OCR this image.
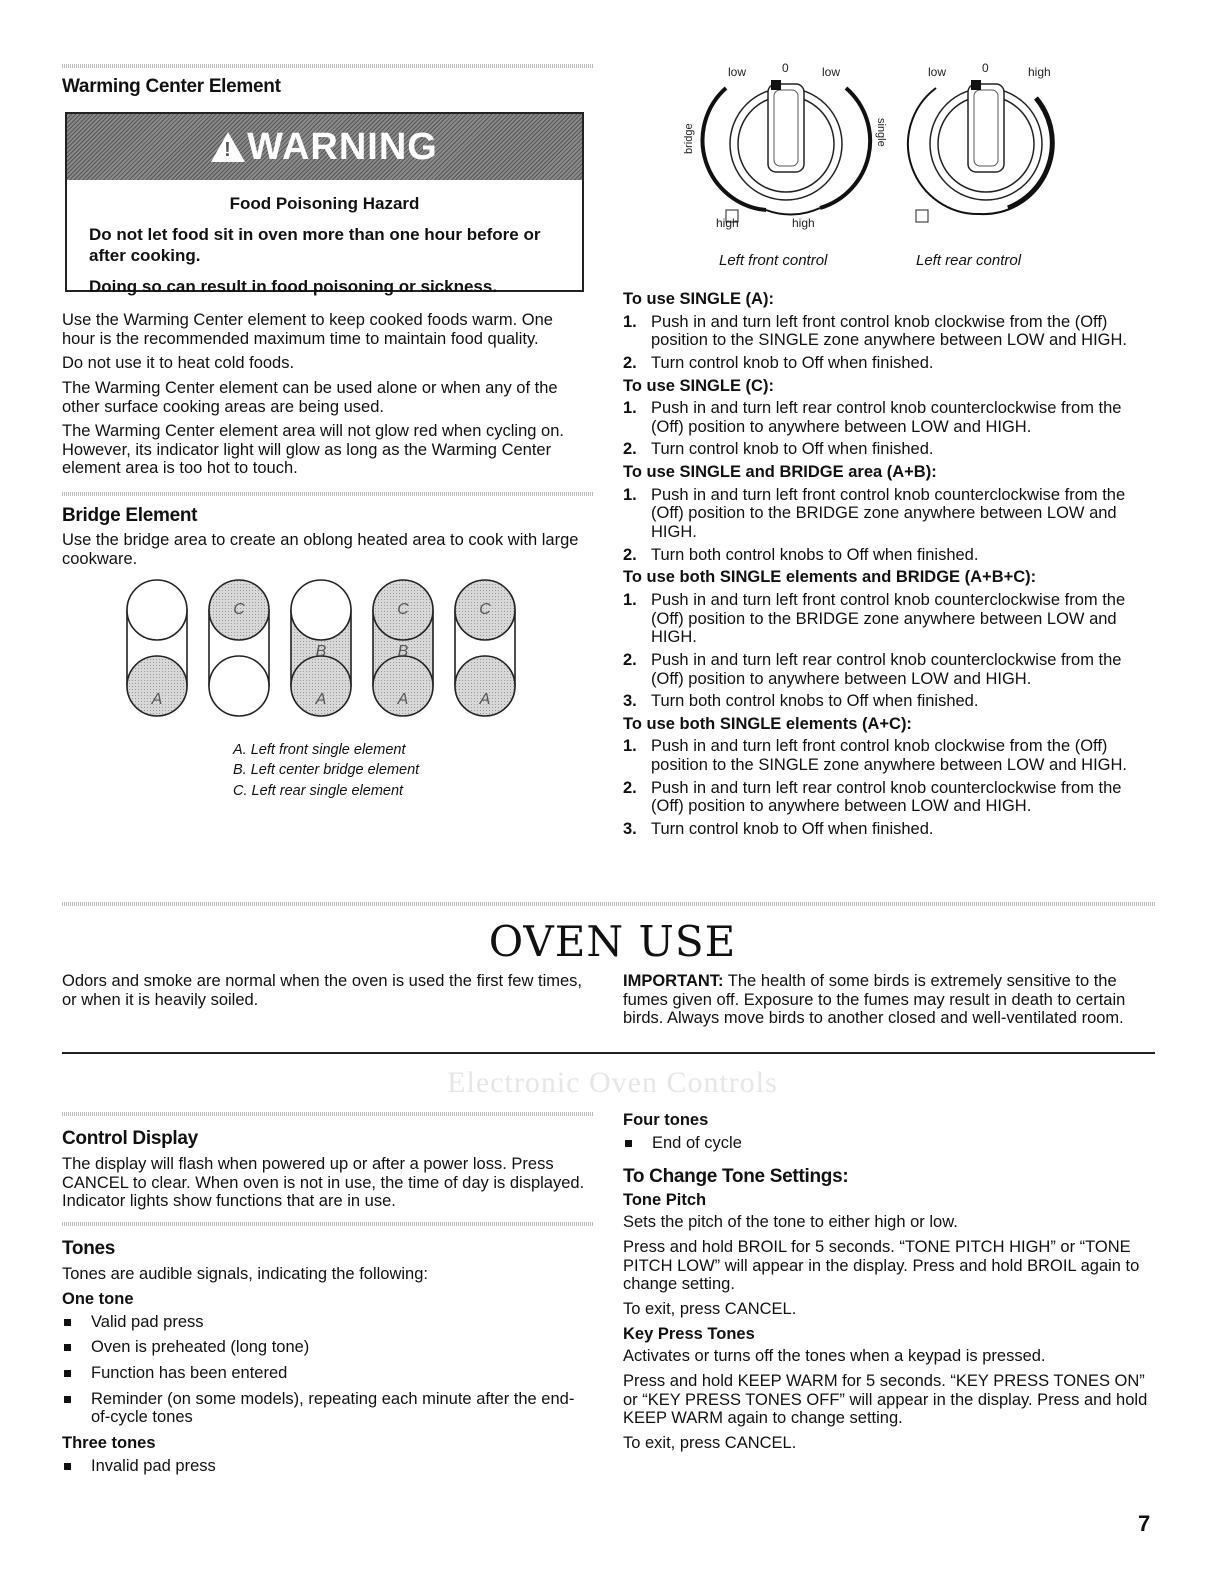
Warming Center Element
!
WARNING

Food Poisoning Hazard

Do not let food sit in oven more than one hour before or after cooking.

Doing so can result in food poisoning or sickness.

Use the Warming Center element to keep cooked foods warm. One hour is the recommended maximum time to maintain food quality.

Do not use it to heat cold foods.

The Warming Center element can be used alone or when any of the other surface cooking areas are being used.

The Warming Center element area will not glow red when cycling on. However, its indicator light will glow as long as the Warming Center element area is too hot to touch.

Bridge Element

Use the bridge area to create an oblong heated area to cook with large cookware.

A
C
B
A
C
B
A
C
A
A. Left front single element
B. Left center bridge element
C. Left rear single element
low	0	low
bridge	single
high	high
low	0	high
Left front control	Left rear control
To use SINGLE (A):
1. Push in and turn left front control knob clockwise from the (Off) position to the SINGLE zone anywhere between LOW and HIGH.
2. Turn control knob to Off when finished.
To use SINGLE (C):
1. Push in and turn left rear control knob counterclockwise from the (Off) position to anywhere between LOW and HIGH.
2. Turn control knob to Off when finished.
To use SINGLE and BRIDGE area (A+B):
1. Push in and turn left front control knob counterclockwise from the (Off) position to the BRIDGE zone anywhere between LOW and HIGH.
2. Turn both control knobs to Off when finished.
To use both SINGLE elements and BRIDGE (A+B+C):
1. Push in and turn left front control knob counterclockwise from the (Off) position to the BRIDGE zone anywhere between LOW and HIGH.
2. Push in and turn left rear control knob counterclockwise from the (Off) position to anywhere between LOW and HIGH.
3. Turn both control knobs to Off when finished.
To use both SINGLE elements (A+C):
1. Push in and turn left front control knob clockwise from the (Off) position to the SINGLE zone anywhere between LOW and HIGH.
2. Push in and turn left rear control knob counterclockwise from the (Off) position to anywhere between LOW and HIGH.
3. Turn control knob to Off when finished.
OVEN USE

Odors and smoke are normal when the oven is used the first few times, or when it is heavily soiled.

IMPORTANT: The health of some birds is extremely sensitive to the fumes given off. Exposure to the fumes may result in death to certain birds. Always move birds to another closed and well-ventilated room.

Electronic Oven Controls
Control Display

The display will flash when powered up or after a power loss. Press CANCEL to clear. When oven is not in use, the time of day is displayed. Indicator lights show functions that are in use.

Tones

Tones are audible signals, indicating the following:

One tone
Valid pad press
Oven is preheated (long tone)
Function has been entered
Reminder (on some models), repeating each minute after the end-of-cycle tones
Three tones
Invalid pad press
Four tones
End of cycle
To Change Tone Settings:
Tone Pitch

Sets the pitch of the tone to either high or low.

Press and hold BROIL for 5 seconds. “TONE PITCH HIGH” or “TONE PITCH LOW” will appear in the display. Press and hold BROIL again to change setting.

To exit, press CANCEL.

Key Press Tones

Activates or turns off the tones when a keypad is pressed.

Press and hold KEEP WARM for 5 seconds. “KEY PRESS TONES ON” or “KEY PRESS TONES OFF” will appear in the display. Press and hold KEEP WARM again to change setting.

To exit, press CANCEL.

7
